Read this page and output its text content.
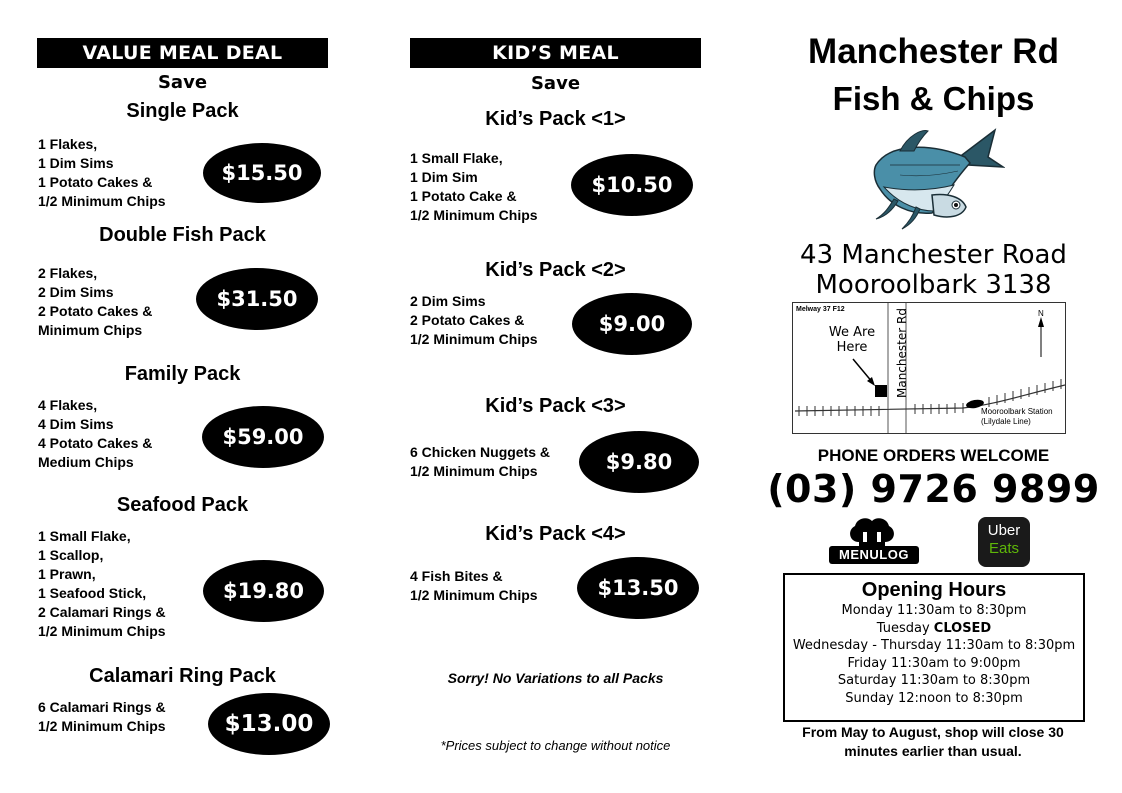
VALUE MEAL DEAL
Save
Single Pack
1 Flakes,
1 Dim Sims
1 Potato Cakes &
1/2 Minimum Chips
$15.50
Double Fish Pack
2 Flakes,
2 Dim Sims
2 Potato Cakes &
Minimum Chips
$31.50
Family Pack
4 Flakes,
4 Dim Sims
4 Potato Cakes &
Medium Chips
$59.00
Seafood Pack
1 Small Flake,
1 Scallop,
1 Prawn,
1 Seafood Stick,
2 Calamari Rings &
1/2 Minimum Chips
$19.80
Calamari Ring Pack
6 Calamari Rings &
1/2 Minimum Chips	$13.00
KID’S MEAL
Save
Kid’s Pack <1>
1 Small Flake,
1 Dim Sim
1 Potato Cake &
1/2 Minimum Chips
$10.50
Kid’s Pack <2>
2 Dim Sims
2 Potato Cakes &
1/2 Minimum Chips
$9.00
Kid’s Pack <3>
6 Chicken Nuggets &
1/2 Minimum Chips	$9.80
Kid’s Pack <4>
4 Fish Bites &
1/2 Minimum Chips	$13.50
Sorry! No Variations to all Packs
*Prices subject to change without notice
Manchester Rd
Fish & Chips
43 Manchester Road
Mooroolbark 3138
Melway 37 F12
We Are
Here	Manchester Rd	N
Mooroolbark Station
(Lilydale Line)
PHONE ORDERS WELCOME
(03) 9726 9899
MENULOG
Uber
Eats
Opening Hours
Monday 11:30am to 8:30pm
Tuesday CLOSED
Wednesday - Thursday 11:30am to 8:30pm
Friday 11:30am to 9:00pm
Saturday 11:30am to 8:30pm
Sunday 12:noon to 8:30pm
From May to August, shop will close 30 minutes earlier than usual.
